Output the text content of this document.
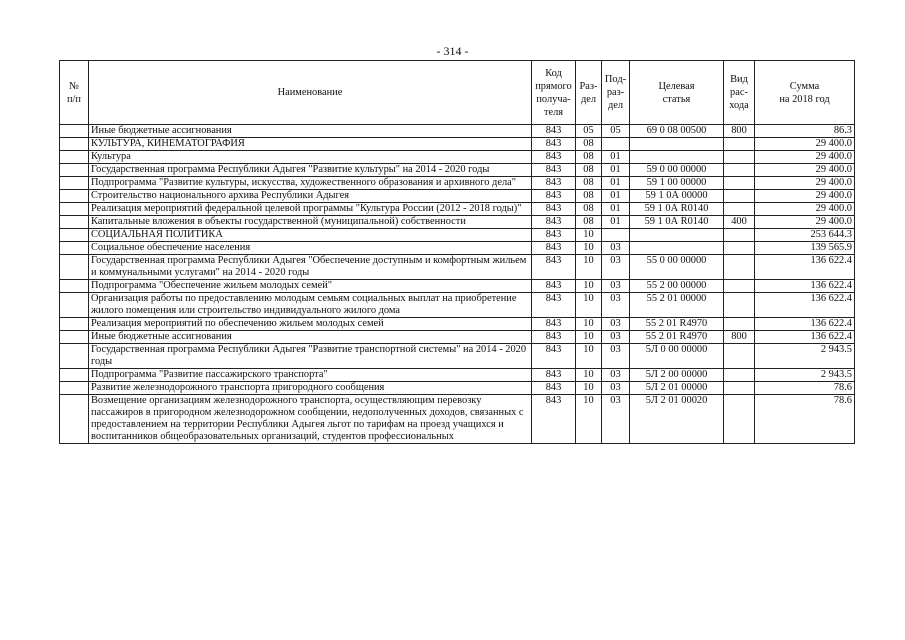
- 314 -
№
п/п	Наименование	Код
прямого
получа-
теля	Раз-
дел	Под-
раз-
дел	Целевая
статья	Вид
рас-
хода	Сумма
на 2018 год
	Иные бюджетные ассигнования	843	05	05	69 0 08 00500	800	86.3
	КУЛЬТУРА, КИНЕМАТОГРАФИЯ	843	08				29 400.0
	Культура	843	08	01			29 400.0
	Государственная программа Республики Адыгея "Развитие культуры" на 2014 - 2020 годы	843	08	01	59 0 00 00000		29 400.0
	Подпрограмма "Развитие культуры, искусства, художественного образования и архивного дела"	843	08	01	59 1 00 00000		29 400.0
	Строительство национального архива Республики Адыгея	843	08	01	59 1 0А 00000		29 400.0
	Реализация мероприятий федеральной целевой программы "Культура России (2012 - 2018 годы)"	843	08	01	59 1 0А R0140		29 400.0
	Капитальные вложения в объекты государственной (муниципальной) собственности	843	08	01	59 1 0А R0140	400	29 400.0
	СОЦИАЛЬНАЯ ПОЛИТИКА	843	10				253 644.3
	Социальное обеспечение населения	843	10	03			139 565.9
	Государственная программа Республики Адыгея "Обеспечение доступным и комфортным жильем и коммунальными услугами" на 2014 - 2020 годы	843	10	03	55 0 00 00000		136 622.4
	Подпрограмма "Обеспечение жильем молодых семей"	843	10	03	55 2 00 00000		136 622.4
	Организация работы по предоставлению молодым семьям социальных выплат на приобретение жилого помещения или строительство индивидуального жилого дома	843	10	03	55 2 01 00000		136 622.4
	Реализация мероприятий по обеспечению жильем молодых семей	843	10	03	55 2 01 R4970		136 622.4
	Иные бюджетные ассигнования	843	10	03	55 2 01 R4970	800	136 622.4
	Государственная программа Республики Адыгея "Развитие транспортной системы" на 2014 - 2020 годы	843	10	03	5Л 0 00 00000		2 943.5
	Подпрограмма "Развитие пассажирского транспорта"	843	10	03	5Л 2 00 00000		2 943.5
	Развитие железнодорожного транспорта пригородного сообщения	843	10	03	5Л 2 01 00000		78.6
	Возмещение организациям железнодорожного транспорта, осуществляющим перевозку пассажиров в пригородном железнодорожном сообщении, недополученных доходов, связанных с предоставлением на территории Республики Адыгея льгот по тарифам на проезд учащихся и воспитанников общеобразовательных организаций, студентов профессиональных	843	10	03	5Л 2 01 00020		78.6
